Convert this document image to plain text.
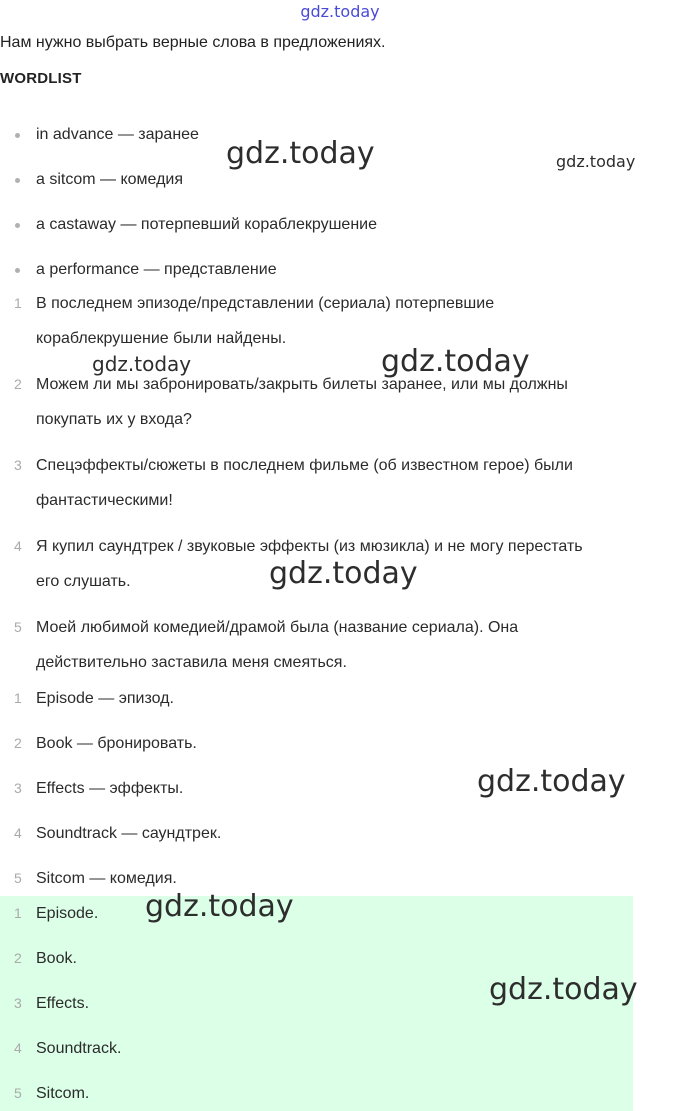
gdz.today
Нам нужно выбрать верные слова в предложениях.
WORDLIST
in advance — заранее
a sitcom — комедия
a castaway — потерпевший кораблекрушение
a performance — представление
1 В последнем эпизоде/представлении (сериала) потерпевшие
кораблекрушение были найдены.
2 Можем ли мы забронировать/закрыть билеты заранее, или мы должны
покупать их у входа?
3 Спецэффекты/сюжеты в последнем фильме (об известном герое) были
фантастическими!
4 Я купил саундтрек / звуковые эффекты (из мюзикла) и не могу перестать
его слушать.
5 Моей любимой комедией/драмой была (название сериала). Она
действительно заставила меня смеяться.
1 Episode — эпизод.
2 Book — бронировать.
3 Effects — эффекты.
4 Soundtrack — саундтрек.
5 Sitcom — комедия.
1 Episode.
2 Book.
3 Effects.
4 Soundtrack.
5 Sitcom.
gdz.today	gdz.today
gdz.today	gdz.today
gdz.today
gdz.today
gdz.today
gdz.today
